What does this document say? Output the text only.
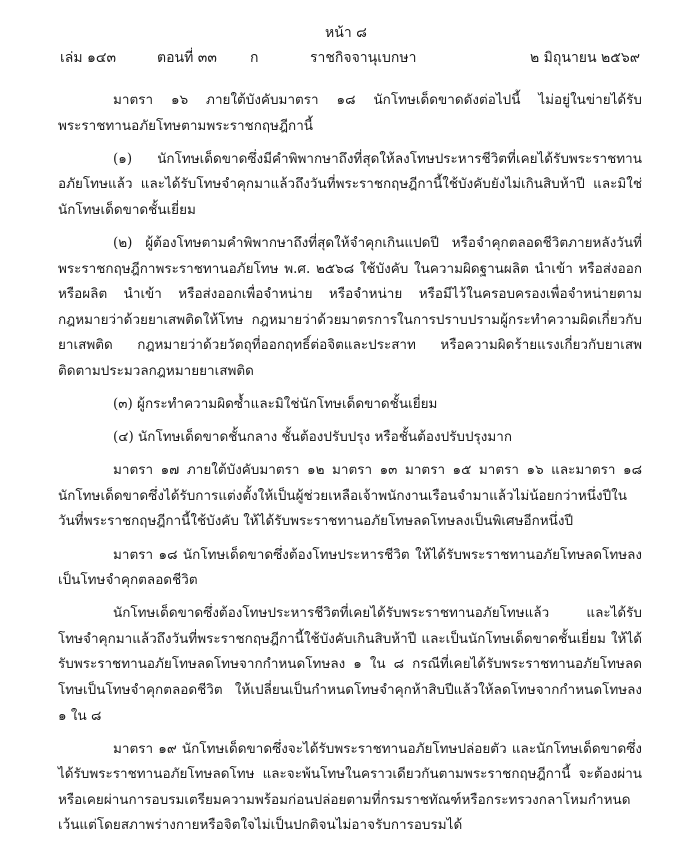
หน้า ๘
เล่ม ๑๔๓	ตอนที่ ๓๓ ก	ราชกิจจานุเบกษา	๒ มิถุนายน ๒๕๖๙

มาตรา ๑๖ ภายใต้บังคับมาตรา ๑๘ นักโทษเด็ดขาดดังต่อไปนี้ ไม่อยู่ในข่ายได้รับพระราชทานอภัยโทษตามพระราชกฤษฎีกานี้

(๑) นักโทษเด็ดขาดซึ่งมีคำพิพากษาถึงที่สุดให้ลงโทษประหารชีวิตที่เคยได้รับพระราชทานอภัยโทษแล้ว และได้รับโทษจำคุกมาแล้วถึงวันที่พระราชกฤษฎีกานี้ใช้บังคับยังไม่เกินสิบห้าปี และมิใช่นักโทษเด็ดขาดชั้นเยี่ยม

(๒) ผู้ต้องโทษตามคำพิพากษาถึงที่สุดให้จำคุกเกินแปดปี หรือจำคุกตลอดชีวิตภายหลังวันที่พระราชกฤษฎีกาพระราชทานอภัยโทษ พ.ศ. ๒๕๖๘ ใช้บังคับ ในความผิดฐานผลิต นำเข้า หรือส่งออก หรือผลิต นำเข้า หรือส่งออกเพื่อจำหน่าย หรือจำหน่าย หรือมีไว้ในครอบครองเพื่อจำหน่ายตามกฎหมายว่าด้วยยาเสพติดให้โทษ กฎหมายว่าด้วยมาตรการในการปราบปรามผู้กระทำความผิดเกี่ยวกับยาเสพติด กฎหมายว่าด้วยวัตถุที่ออกฤทธิ์ต่อจิตและประสาท หรือความผิดร้ายแรงเกี่ยวกับยาเสพติดตามประมวลกฎหมายยาเสพติด

(๓) ผู้กระทำความผิดซ้ำและมิใช่นักโทษเด็ดขาดชั้นเยี่ยม

(๔) นักโทษเด็ดขาดชั้นกลาง ชั้นต้องปรับปรุง หรือชั้นต้องปรับปรุงมาก

มาตรา ๑๗ ภายใต้บังคับมาตรา ๑๒ มาตรา ๑๓ มาตรา ๑๕ มาตรา ๑๖ และมาตรา ๑๘ นักโทษเด็ดขาดซึ่งได้รับการแต่งตั้งให้เป็นผู้ช่วยเหลือเจ้าพนักงานเรือนจำมาแล้วไม่น้อยกว่าหนึ่งปีในวันที่พระราชกฤษฎีกานี้ใช้บังคับ ให้ได้รับพระราชทานอภัยโทษลดโทษลงเป็นพิเศษอีกหนึ่งปี

มาตรา ๑๘ นักโทษเด็ดขาดซึ่งต้องโทษประหารชีวิต ให้ได้รับพระราชทานอภัยโทษลดโทษลงเป็นโทษจำคุกตลอดชีวิต

นักโทษเด็ดขาดซึ่งต้องโทษประหารชีวิตที่เคยได้รับพระราชทานอภัยโทษแล้ว และได้รับโทษจำคุกมาแล้วถึงวันที่พระราชกฤษฎีกานี้ใช้บังคับเกินสิบห้าปี และเป็นนักโทษเด็ดขาดชั้นเยี่ยม ให้ได้รับพระราชทานอภัยโทษลดโทษจากกำหนดโทษลง ๑ ใน ๘ กรณีที่เคยได้รับพระราชทานอภัยโทษลดโทษเป็นโทษจำคุกตลอดชีวิต ให้เปลี่ยนเป็นกำหนดโทษจำคุกห้าสิบปีแล้วให้ลดโทษจากกำหนดโทษลง ๑ ใน ๘

มาตรา ๑๙ นักโทษเด็ดขาดซึ่งจะได้รับพระราชทานอภัยโทษปล่อยตัว และนักโทษเด็ดขาดซึ่งได้รับพระราชทานอภัยโทษลดโทษ และจะพ้นโทษในคราวเดียวกันตามพระราชกฤษฎีกานี้ จะต้องผ่านหรือเคยผ่านการอบรมเตรียมความพร้อมก่อนปล่อยตามที่กรมราชทัณฑ์หรือกระทรวงกลาโหมกำหนด เว้นแต่โดยสภาพร่างกายหรือจิตใจไม่เป็นปกติจนไม่อาจรับการอบรมได้
